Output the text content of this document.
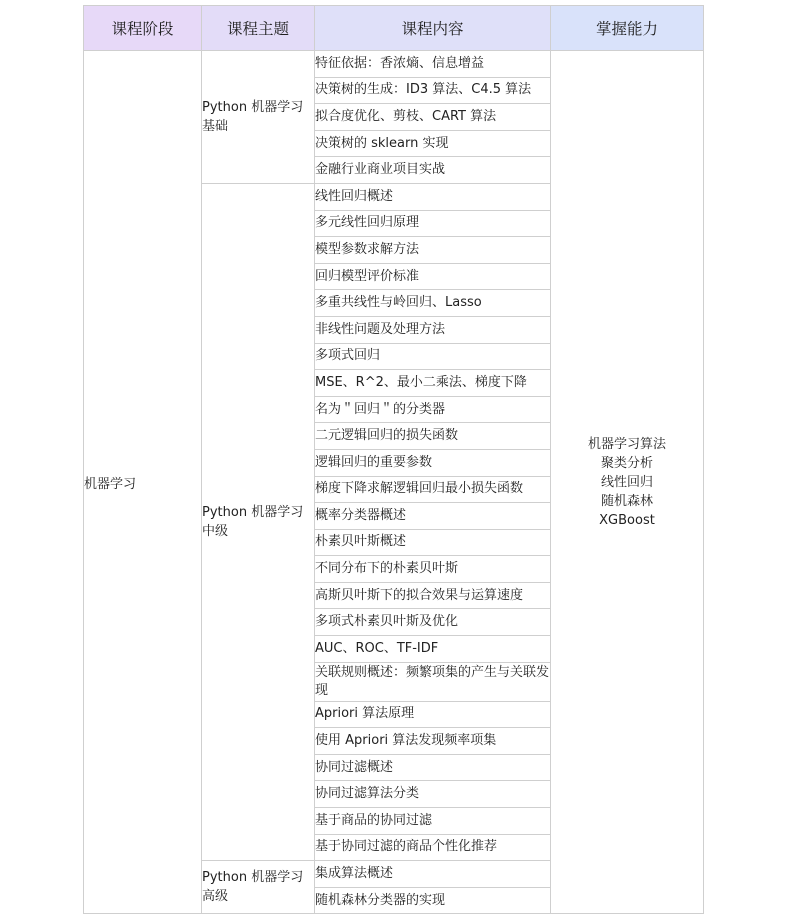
课程阶段	课程主题	课程内容	掌握能力
机器学习	Python 机器学习基础	特征依据：香浓熵、信息增益	机器学习算法
聚类分析
线性回归
随机森林
XGBoost

		决策树的生成：ID3 算法、C4.5 算法	
		拟合度优化、剪枝、CART 算法	
		决策树的 sklearn 实现	
		金融行业商业项目实战	
	Python 机器学习中级	线性回归概述	
		多元线性回归原理	
		模型参数求解方法	
		回归模型评价标准	
		多重共线性与岭回归、Lasso	
		非线性问题及处理方法	
		多项式回归	
		MSE、R^2、最小二乘法、梯度下降	
		名为＂回归＂的分类器	
		二元逻辑回归的损失函数	
		逻辑回归的重要参数	
		梯度下降求解逻辑回归最小损失函数	
		概率分类器概述	
		朴素贝叶斯概述	
		不同分布下的朴素贝叶斯	
		高斯贝叶斯下的拟合效果与运算速度	
		多项式朴素贝叶斯及优化	
		AUC、ROC、TF-IDF	
		关联规则概述：频繁项集的产生与关联发现	
		Apriori 算法原理	
		使用 Apriori 算法发现频率项集	
		协同过滤概述	
		协同过滤算法分类	
		基于商品的协同过滤	
		基于协同过滤的商品个性化推荐	
	Python 机器学习高级	集成算法概述	
		随机森林分类器的实现	
